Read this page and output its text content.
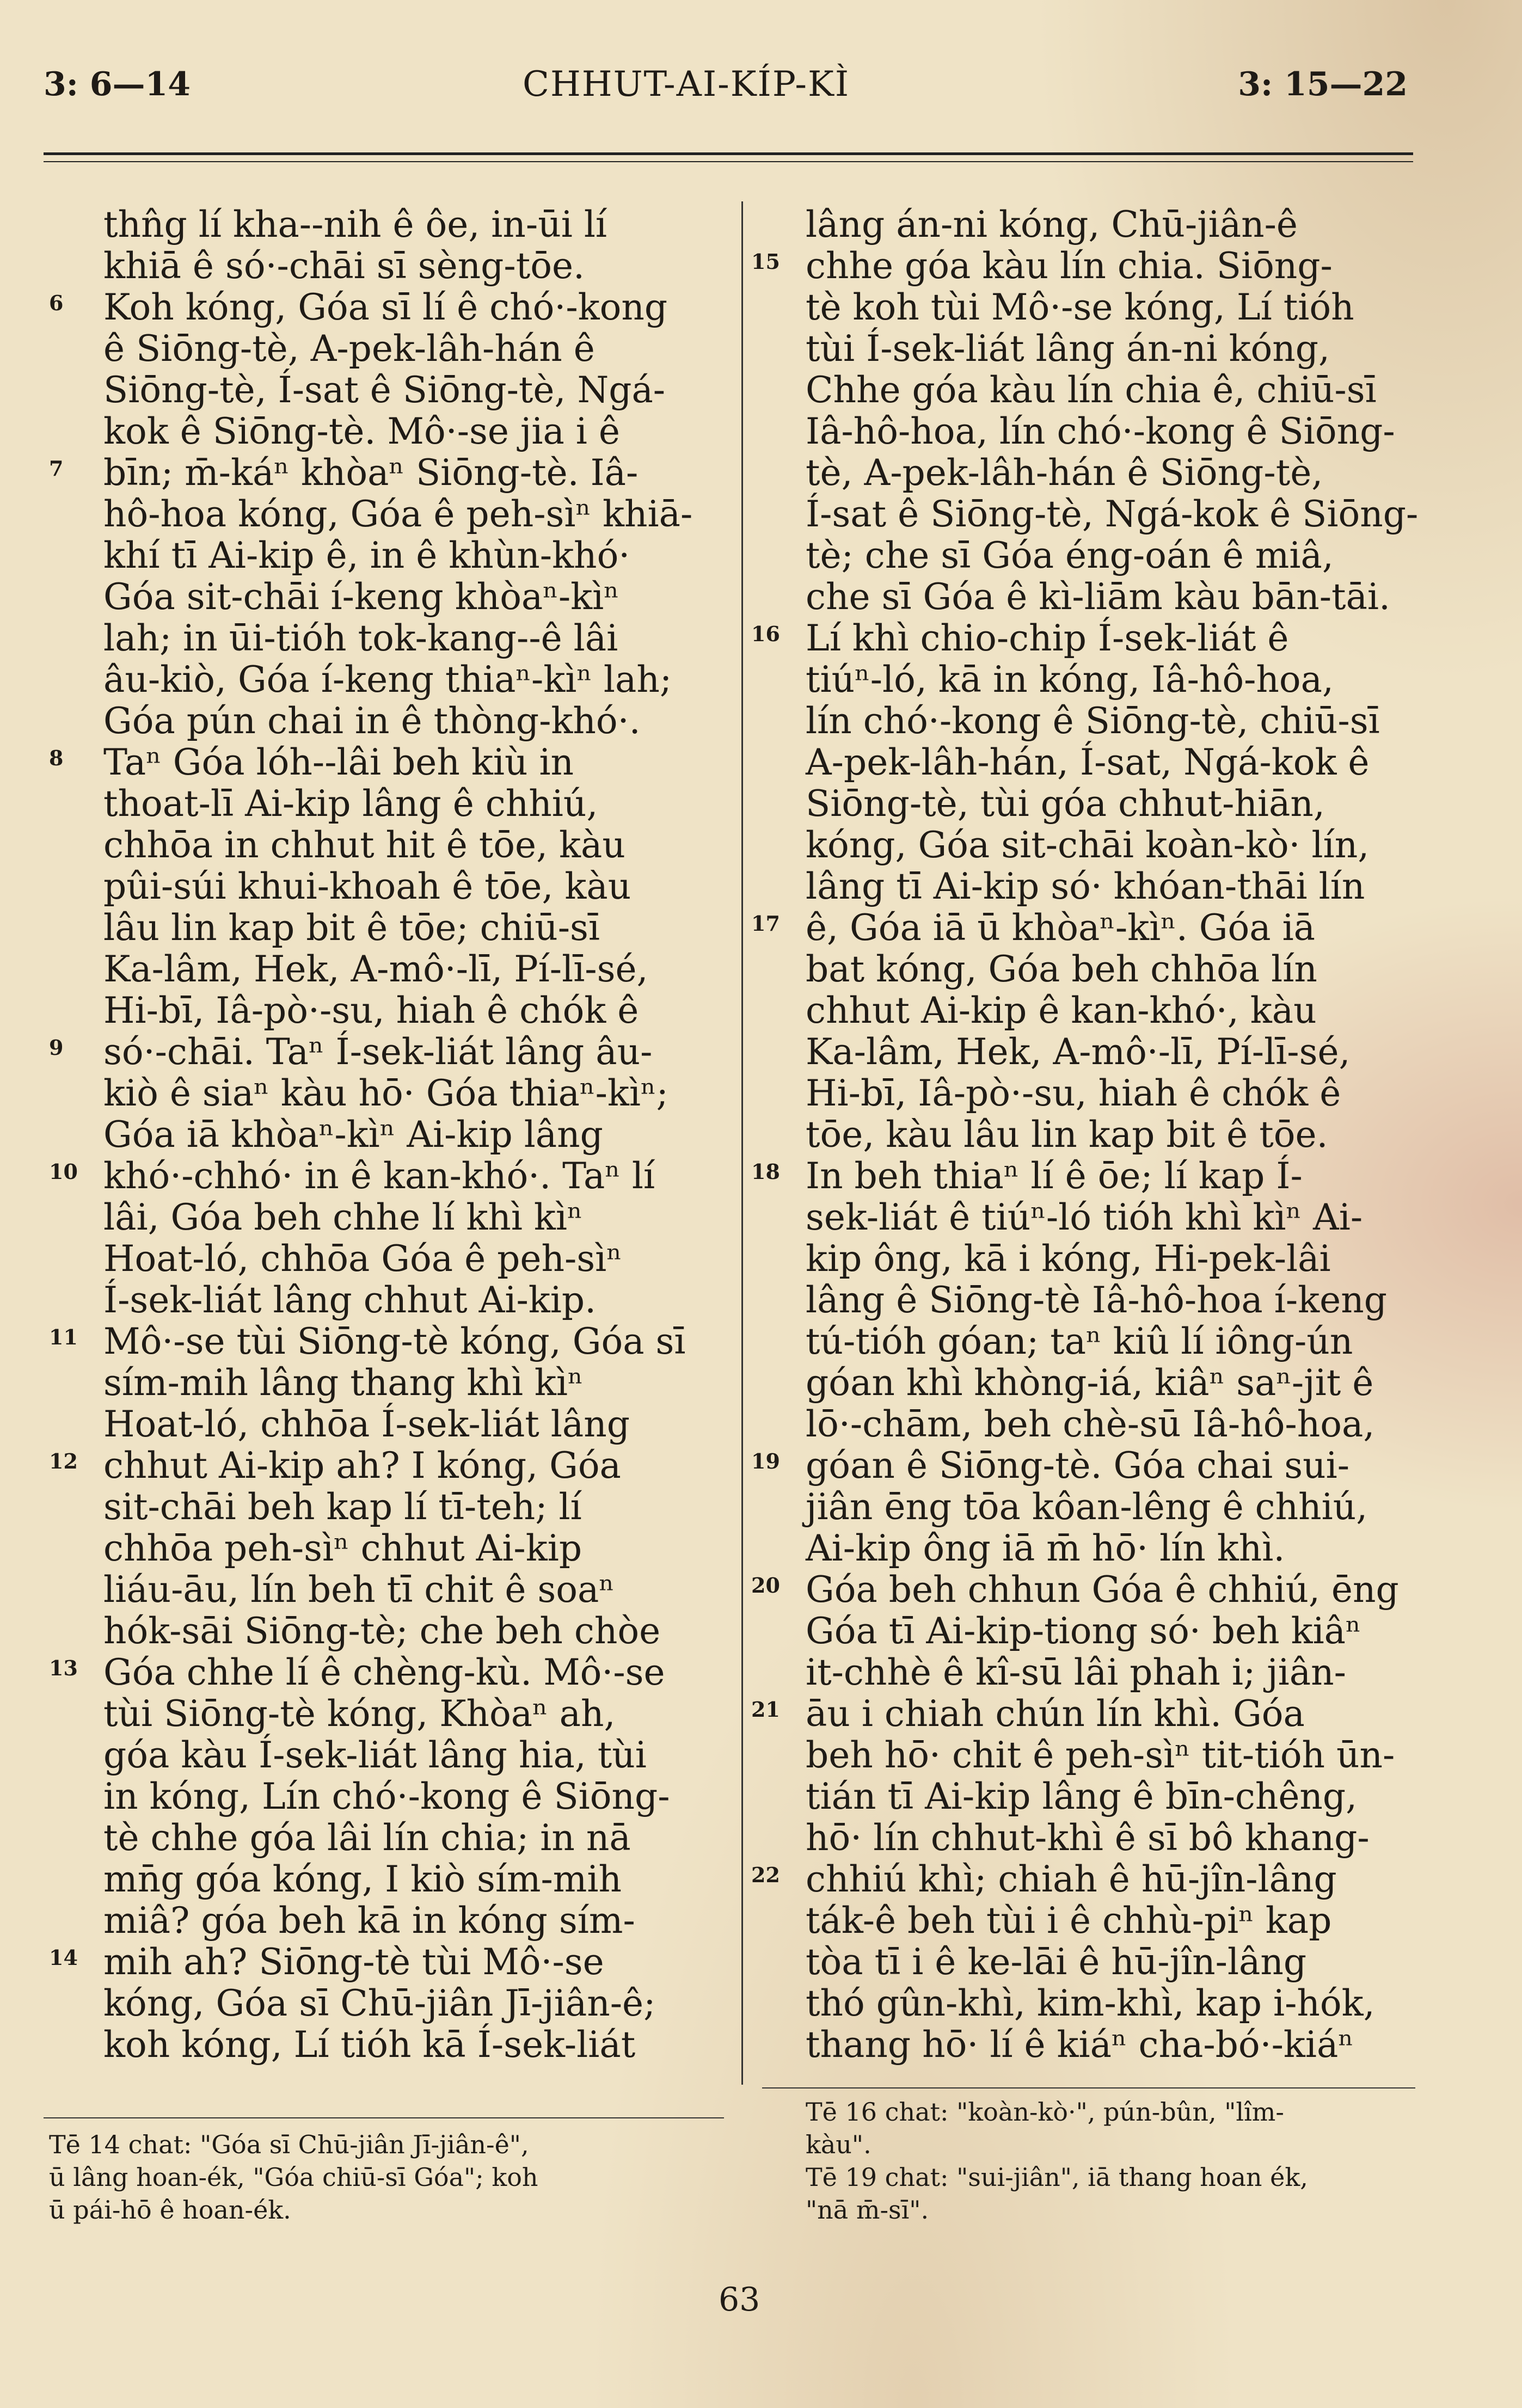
3: 6—14	CHHUT-AI-KÍP-KÌ	3: 15—22
thn̂g lí kha--nih ê ôe, in-ūi lí
khiā ê só·-chāi sī sèng-tōe.
6	Koh kóng, Góa sī lí ê chó·-kong
ê Siōng-tè, A-pek-lâh-hán ê
Siōng-tè, Í-sat ê Siōng-tè, Ngá-
kok ê Siōng-tè. Mô·-se jia i ê
7	bīn; m̄-káⁿ khòaⁿ Siōng-tè. Iâ-
hô-hoa kóng, Góa ê peh-sìⁿ khiā-
khí tī Ai-kip ê, in ê khùn-khó·
Góa sit-chāi í-keng khòaⁿ-kìⁿ
lah; in ūi-tióh tok-kang--ê lâi
âu-kiò, Góa í-keng thiaⁿ-kìⁿ lah;
Góa pún chai in ê thòng-khó·.
8	Taⁿ Góa lóh--lâi beh kiù in
thoat-lī Ai-kip lâng ê chhiú,
chhōa in chhut hit ê tōe, kàu
pûi-súi khui-khoah ê tōe, kàu
lâu lin kap bit ê tōe; chiū-sī
Ka-lâm, Hek, A-mô·-lī, Pí-lī-sé,
Hi-bī, Iâ-pò·-su, hiah ê chók ê
9	só·-chāi. Taⁿ Í-sek-liát lâng âu-
kiò ê siaⁿ kàu hō· Góa thiaⁿ-kìⁿ;
Góa iā khòaⁿ-kìⁿ Ai-kip lâng
10 khó·-chhó· in ê kan-khó·. Taⁿ lí
lâi, Góa beh chhe lí khì kìⁿ
Hoat-ló, chhōa Góa ê peh-sìⁿ
Í-sek-liát lâng chhut Ai-kip.
11 Mô·-se tùi Siōng-tè kóng, Góa sī
sím-mih lâng thang khì kìⁿ
Hoat-ló, chhōa Í-sek-liát lâng
12 chhut Ai-kip ah? I kóng, Góa
sit-chāi beh kap lí tī-teh; lí
chhōa peh-sìⁿ chhut Ai-kip
liáu-āu, lín beh tī chit ê soaⁿ
hók-sāi Siōng-tè; che beh chòe
13 Góa chhe lí ê chèng-kù. Mô·-se
tùi Siōng-tè kóng, Khòaⁿ ah,
góa kàu Í-sek-liát lâng hia, tùi
in kóng, Lín chó·-kong ê Siōng-
tè chhe góa lâi lín chia; in nā
mn̄g góa kóng, I kiò sím-mih
miâ? góa beh kā in kóng sím-
14 mih ah? Siōng-tè tùi Mô·-se
kóng, Góa sī Chū-jiân Jī-jiân-ê;
koh kóng, Lí tióh kā Í-sek-liát
lâng án-ni kóng, Chū-jiân-ê
15 chhe góa kàu lín chia. Siōng-
tè koh tùi Mô·-se kóng, Lí tióh
tùi Í-sek-liát lâng án-ni kóng,
Chhe góa kàu lín chia ê, chiū-sī
Iâ-hô-hoa, lín chó·-kong ê Siōng-
tè, A-pek-lâh-hán ê Siōng-tè,
Í-sat ê Siōng-tè, Ngá-kok ê Siōng-
tè; che sī Góa éng-oán ê miâ,
che sī Góa ê kì-liām kàu bān-tāi.
16 Lí khì chio-chip Í-sek-liát ê
tiúⁿ-ló, kā in kóng, Iâ-hô-hoa,
lín chó·-kong ê Siōng-tè, chiū-sī
A-pek-lâh-hán, Í-sat, Ngá-kok ê
Siōng-tè, tùi góa chhut-hiān,
kóng, Góa sit-chāi koàn-kò· lín,
lâng tī Ai-kip só· khóan-thāi lín
17 ê, Góa iā ū khòaⁿ-kìⁿ. Góa iā
bat kóng, Góa beh chhōa lín
chhut Ai-kip ê kan-khó·, kàu
Ka-lâm, Hek, A-mô·-lī, Pí-lī-sé,
Hi-bī, Iâ-pò·-su, hiah ê chók ê
tōe, kàu lâu lin kap bit ê tōe.
18 In beh thiaⁿ lí ê ōe; lí kap Í-
sek-liát ê tiúⁿ-ló tióh khì kìⁿ Ai-
kip ông, kā i kóng, Hi-pek-lâi
lâng ê Siōng-tè Iâ-hô-hoa í-keng
tú-tióh góan; taⁿ kiû lí iông-ún
góan khì khòng-iá, kiâⁿ saⁿ-jit ê
lō·-chām, beh chè-sū Iâ-hô-hoa,
19 góan ê Siōng-tè. Góa chai sui-
jiân ēng tōa kôan-lêng ê chhiú,
Ai-kip ông iā m̄ hō· lín khì.
20 Góa beh chhun Góa ê chhiú, ēng
Góa tī Ai-kip-tiong só· beh kiâⁿ
it-chhè ê kî-sū lâi phah i; jiân-
21 āu i chiah chún lín khì. Góa
beh hō· chit ê peh-sìⁿ tit-tióh ūn-
tián tī Ai-kip lâng ê bīn-chêng,
hō· lín chhut-khì ê sī bô khang-
22 chhiú khì; chiah ê hū-jîn-lâng
ták-ê beh tùi i ê chhù-piⁿ kap
tòa tī i ê ke-lāi ê hū-jîn-lâng
thó gûn-khì, kim-khì, kap i-hók,
thang hō· lí ê kiáⁿ cha-bó·-kiáⁿ
Tē 14 chat: "Góa sī Chū-jiân Jī-jiân-ê",
ū lâng hoan-ék, "Góa chiū-sī Góa"; koh
ū pái-hō ê hoan-ék.
Tē 16 chat: "koàn-kò·", pún-bûn, "lîm-
kàu".
Tē 19 chat: "sui-jiân", iā thang hoan ék,
"nā m̄-sī".
63
